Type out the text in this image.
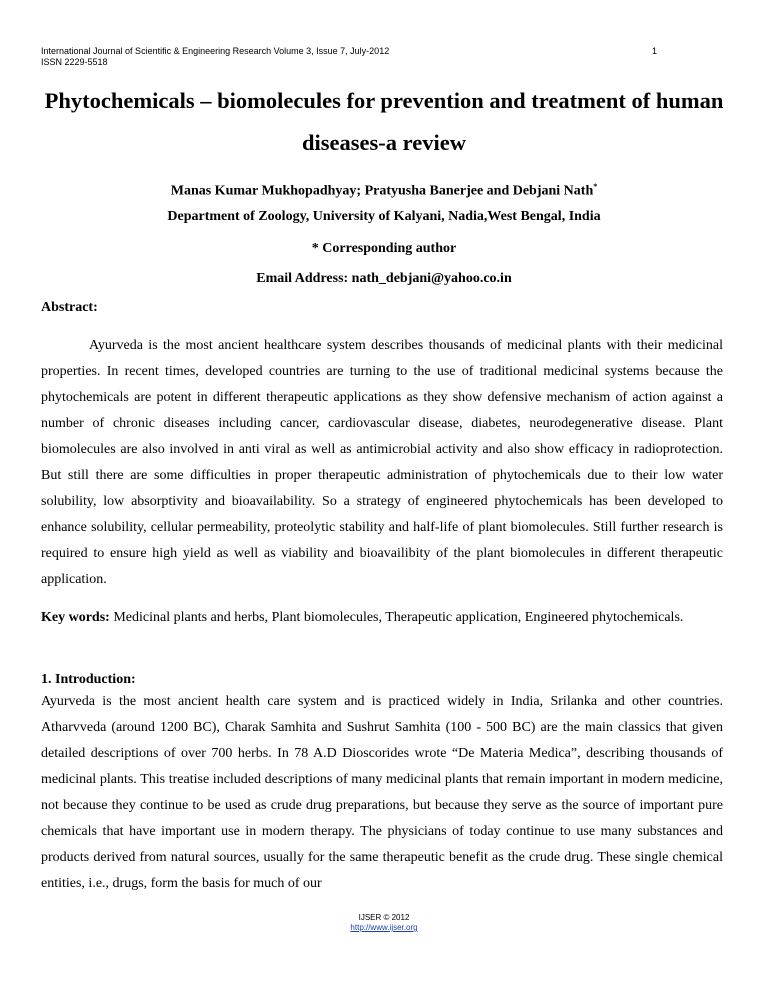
International Journal of Scientific & Engineering Research Volume 3, Issue 7, July-2012
ISSN 2229-5518
1
Phytochemicals – biomolecules for prevention and treatment of human diseases-a review
Manas Kumar Mukhopadhyay; Pratyusha Banerjee and Debjani Nath*
Department of Zoology, University of Kalyani, Nadia,West Bengal, India
* Corresponding author
Email Address: nath_debjani@yahoo.co.in
Abstract:

Ayurveda is the most ancient healthcare system describes thousands of medicinal plants with their medicinal properties. In recent times, developed countries are turning to the use of traditional medicinal systems because the phytochemicals are potent in different therapeutic applications as they show defensive mechanism of action against a number of chronic diseases including cancer, cardiovascular disease, diabetes, neurodegenerative disease. Plant biomolecules are also involved in anti viral as well as antimicrobial activity and also show efficacy in radioprotection. But still there are some difficulties in proper therapeutic administration of phytochemicals due to their low water solubility, low absorptivity and bioavailability. So a strategy of engineered phytochemicals has been developed to enhance solubility, cellular permeability, proteolytic stability and half-life of plant biomolecules. Still further research is required to ensure high yield as well as viability and bioavailibity of the plant biomolecules in different therapeutic application.

Key words: Medicinal plants and herbs, Plant biomolecules, Therapeutic application, Engineered phytochemicals.

1. Introduction:

Ayurveda is the most ancient health care system and is practiced widely in India, Srilanka and other countries. Atharvveda (around 1200 BC), Charak Samhita and Sushrut Samhita (100 - 500 BC) are the main classics that given detailed descriptions of over 700 herbs. In 78 A.D Dioscorides wrote “De Materia Medica”, describing thousands of medicinal plants. This treatise included descriptions of many medicinal plants that remain important in modern medicine, not because they continue to be used as crude drug preparations, but because they serve as the source of important pure chemicals that have important use in modern therapy. The physicians of today continue to use many substances and products derived from natural sources, usually for the same therapeutic benefit as the crude drug. These single chemical entities, i.e., drugs, form the basis for much of our

IJSER © 2012
http://www.ijser.org
